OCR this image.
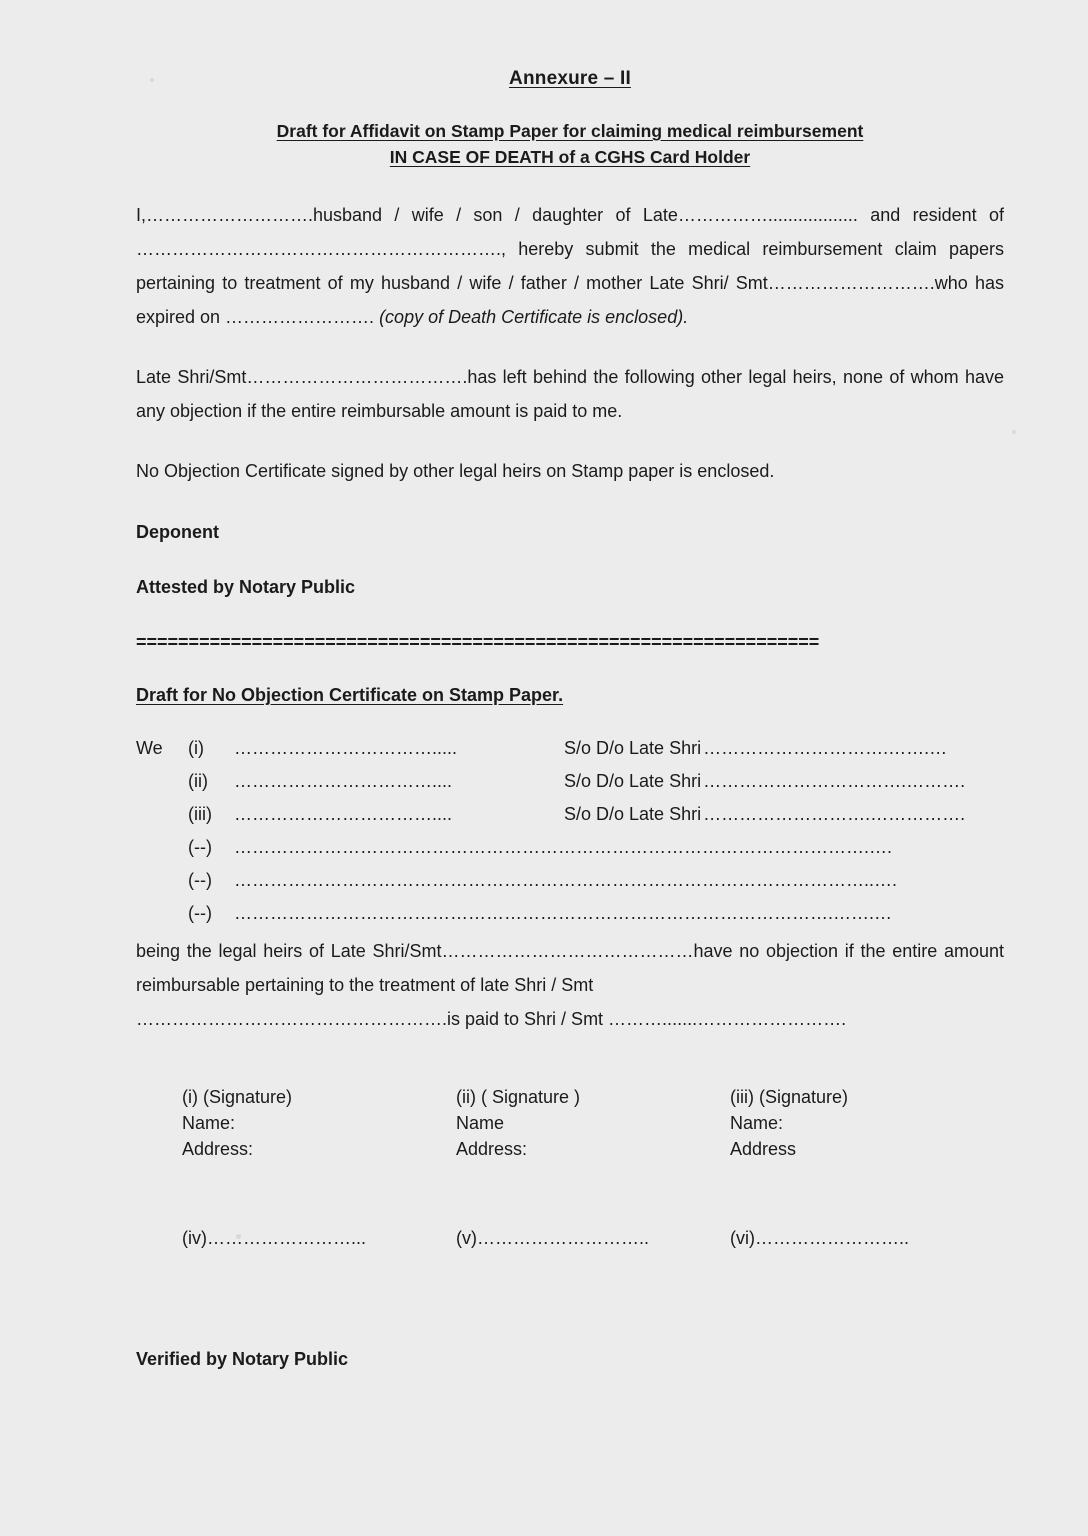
Annexure – II
Draft for Affidavit on Stamp Paper for claiming medical reimbursement
IN CASE OF DEATH of a CGHS Card Holder
I,……………………….husband / wife / son / daughter of Late…………….................. and resident of ……………………………………………………., hereby submit the medical reimbursement claim papers pertaining to treatment of my husband / wife / father / mother Late Shri/ Smt……………………….who has expired on ……………………. (copy of Death Certificate is enclosed).
Late Shri/Smt……………………………….has left behind the following other legal heirs, none of whom have any objection if the entire reimbursable amount is paid to me.
No Objection Certificate signed by other legal heirs on Stamp paper is enclosed.
Deponent
Attested by Notary Public
=================================================================
Draft for No Objection Certificate on Stamp Paper.
We	(i)	…………………………….....	S/o D/o Late Shri ………………………….…….…
(ii)	……………………………....	S/o D/o Late Shri …………………………….……….
(iii)	……………………………....	S/o D/o Late Shri ……………………….…………….
(--)	…………………………………………………………………………………………….….
(--)	……………………………………………………………………………………………..….
(--)	……………………………………………………………………………………….…….…
being the legal heirs of Late Shri/Smt……………………………………have no objection if the entire amount reimbursable pertaining to the treatment of late Shri / Smt
…………………………………………….is paid to Shri / Smt ……….......…………………….
(i) (Signature)
Name:
Address:
(ii) ( Signature )
Name
Address:
(iii) (Signature)
Name:
Address
(iv)……………………...	(v)………………………..	(vi)……………………..
Verified by Notary Public
